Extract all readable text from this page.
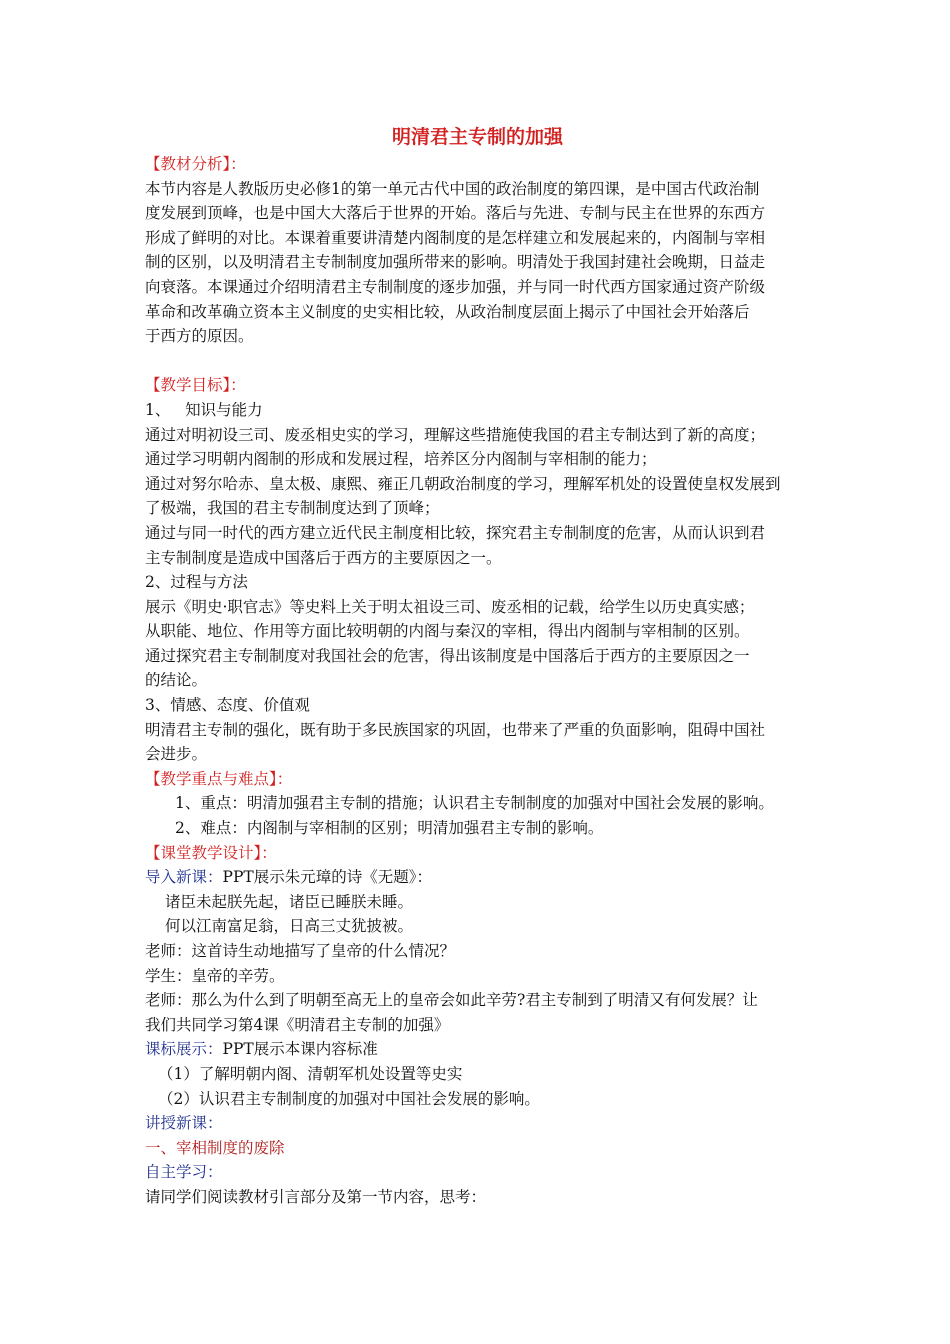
明清君主专制的加强
【教材分析】：
本节内容是人教版历史必修1的第一单元古代中国的政治制度的第四课，是中国古代政治制
度发展到顶峰，也是中国大大落后于世界的开始。落后与先进、专制与民主在世界的东西方
形成了鲜明的对比。本课着重要讲清楚内阁制度的是怎样建立和发展起来的，内阁制与宰相
制的区别，以及明清君主专制制度加强所带来的影响。明清处于我国封建社会晚期，日益走
向衰落。本课通过介绍明清君主专制制度的逐步加强，并与同一时代西方国家通过资产阶级
革命和改革确立资本主义制度的史实相比较，从政治制度层面上揭示了中国社会开始落后
于西方的原因。
【教学目标】：
1、   知识与能力
通过对明初设三司、废丞相史实的学习，理解这些措施使我国的君主专制达到了新的高度；
通过学习明朝内阁制的形成和发展过程，培养区分内阁制与宰相制的能力；
通过对努尔哈赤、皇太极、康熙、雍正几朝政治制度的学习，理解军机处的设置使皇权发展到
了极端，我国的君主专制制度达到了顶峰；
通过与同一时代的西方建立近代民主制度相比较，探究君主专制制度的危害，从而认识到君
主专制制度是造成中国落后于西方的主要原因之一。
2、过程与方法
展示《明史·职官志》等史料上关于明太祖设三司、废丞相的记载，给学生以历史真实感；
从职能、地位、作用等方面比较明朝的内阁与秦汉的宰相，得出内阁制与宰相制的区别。
通过探究君主专制制度对我国社会的危害，得出该制度是中国落后于西方的主要原因之一
的结论。
3、情感、态度、价值观
明清君主专制的强化，既有助于多民族国家的巩固，也带来了严重的负面影响，阻碍中国社
会进步。
【教学重点与难点】：
1、重点：明清加强君主专制的措施；认识君主专制制度的加强对中国社会发展的影响。
2、难点：内阁制与宰相制的区别；明清加强君主专制的影响。
【课堂教学设计】：
导入新课：PPT展示朱元璋的诗《无题》：
诸臣未起朕先起，诸臣已睡朕未睡。
何以江南富足翁，日高三丈犹披被。
老师：这首诗生动地描写了皇帝的什么情况？
学生：皇帝的辛劳。
老师：那么为什么到了明朝至高无上的皇帝会如此辛劳?君主专制到了明清又有何发展？让
我们共同学习第4课《明清君主专制的加强》
课标展示：PPT展示本课内容标准
（1）了解明朝内阁、清朝军机处设置等史实
（2）认识君主专制制度的加强对中国社会发展的影响。
讲授新课：
一、宰相制度的废除
自主学习：
请同学们阅读教材引言部分及第一节内容，思考：
